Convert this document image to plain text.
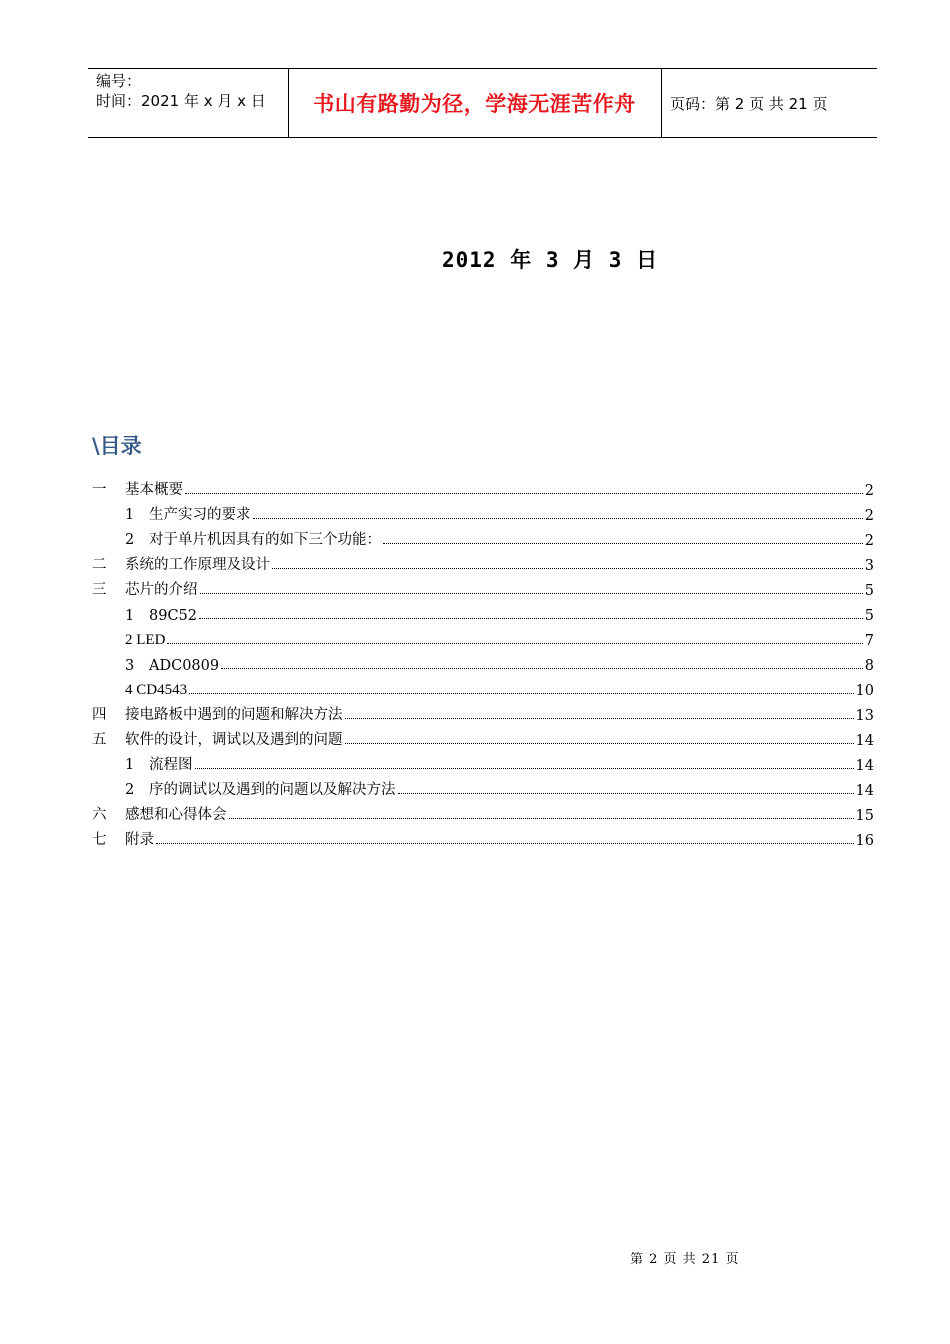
编号：
时间：2021 年 x 月 x 日 书山有路勤为径，学海无涯苦作舟	页码：第 2 页 共 21 页
2012 年 3 月 3 日
\目录
一 基本概要	2
1 生产实习的要求	2
2 对于单片机因具有的如下三个功能：	2
二 系统的工作原理及设计	3
三 芯片的介绍	5
1 89C52	5
2 LED	7
3 ADC0809	8
4 CD4543	10
四 接电路板中遇到的问题和解决方法	13
五 软件的设计，调试以及遇到的问题	14
1 流程图	14
2 序的调试以及遇到的问题以及解决方法	14
六 感想和心得体会	15
七 附录	16
第 2 页 共 21 页
